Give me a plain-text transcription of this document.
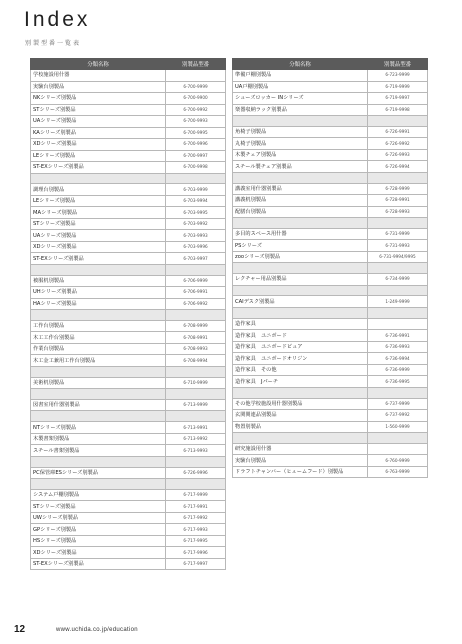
Index
別製型番一覧表
分類名称	別製品型番
学校施設用什器	
実験台別製品	6-700-9999
NKシリーズ別製品	6-700-9900
STシリーズ別製品	6-700-9992
UAシリーズ別製品	6-700-9993
KAシリーズ別製品	6-700-9995
XDシリーズ別製品	6-700-9996
LEシリーズ別製品	6-700-9997
ST-EXシリーズ別製品	6-700-9998

調理台別製品	6-703-9999
LEシリーズ別製品	6-703-9994
MAシリーズ別製品	6-703-9995
STシリーズ別製品	6-703-9992
UAシリーズ別製品	6-703-9993
XDシリーズ別製品	6-703-9996
ST-EXシリーズ別製品	6-703-9997

被服机別製品	6-706-9999
UHシリーズ別製品	6-706-9991
HAシリーズ別製品	6-706-9992

工作台別製品	6-708-9999
木工工作台別製品	6-708-9991
作業台別製品	6-708-9993
木工金工兼用工作台別製品	6-708-9994

美術机別製品	6-710-9999

図書室用什器別製品	6-713-9999

NTシリーズ別製品	6-713-9991
木製書架別製品	6-713-9992
スチール書架別製品	6-713-9993

PC保管庫ESシリーズ別製品	6-726-9996

システム戸棚別製品	6-717-9999
STシリーズ別製品	6-717-9991
UWシリーズ別製品	6-717-9992
GPシリーズ別製品	6-717-9993
HSシリーズ別製品	6-717-9995
XDシリーズ別製品	6-717-9996
ST-EXシリーズ別製品	6-717-9997
分類名称	別製品型番
準備戸棚別製品	6-723-9999
UA戸棚別製品	6-719-9999
シューズロッカー INシリーズ	6-719-9997
楽器収納ラック別製品	6-719-9998

角椅子別製品	6-726-9991
丸椅子別製品	6-726-9992
木製チェア別製品	6-726-9993
スチール製チェア別製品	6-726-9994

講義室用什器別製品	6-728-9999
講義机別製品	6-728-9991
配膳台別製品	6-728-9993

多目的スペース用什器	6-731-9999
PSシリーズ	6-731-9993
zooシリーズ別製品	6-731-9994/9995

レクチャー用品別製品	6-734-9999

CAIデスク別製品	1-249-9999

造作家具	
造作家具　ユニボード	6-736-9991
造作家具　ユニボードピュア	6-736-9993
造作家具　ユニボードオリジン	6-736-9994
造作家具　その他	6-736-9999
造作家具　Jパーチ	6-736-9995

その他学校施設用什器別製品	6-737-9999
玄関関連品別製品	6-737-9992
物置別製品	1-560-9999

研究施設用什器	
実験台別製品	6-760-9999
ドラフトチャンバー（ヒュームフード）別製品	6-763-9999
12	www.uchida.co.jp/education
